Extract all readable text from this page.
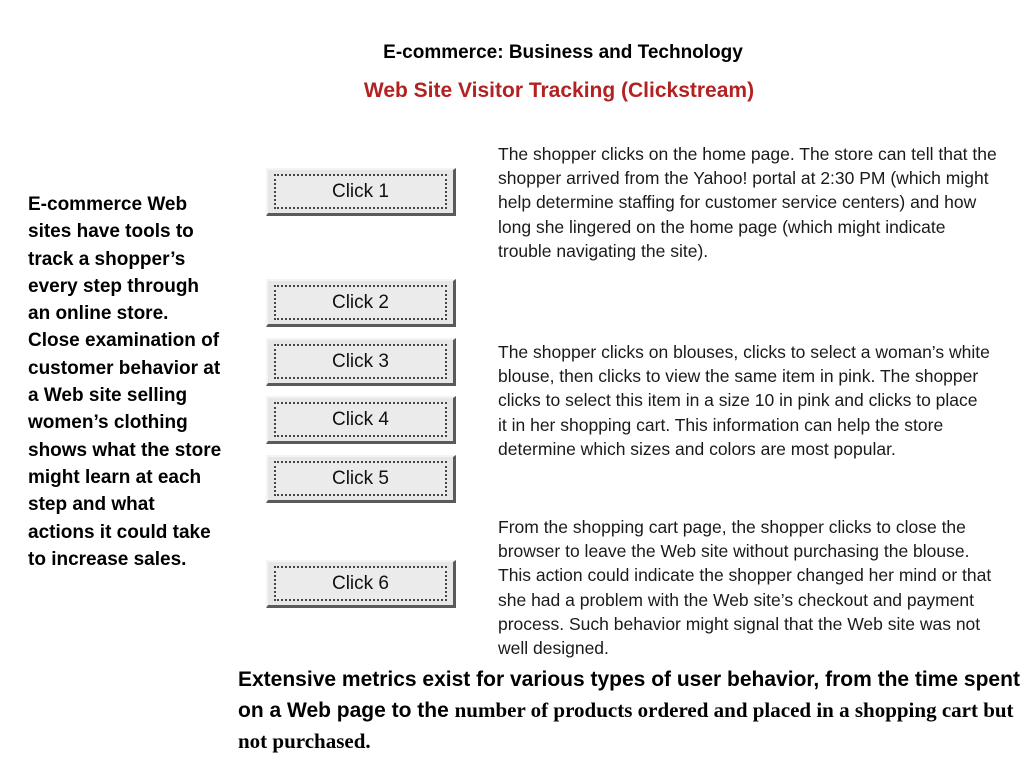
E-commerce: Business and Technology
Web Site Visitor Tracking (Clickstream)
E-commerce Web sites have tools to track a shopper’s every step through an online store. Close examination of customer behavior at a Web site selling women’s clothing shows what the store might learn at each step and what actions it could take to increase sales.
Click 1
Click 2
Click 3
Click 4
Click 5
Click 6
The shopper clicks on the home page. The store can tell that the
shopper arrived from the Yahoo! portal at 2:30 PM (which might
help determine staffing for customer service centers) and how
long she lingered on the home page (which might indicate
trouble navigating the site).
The shopper clicks on blouses, clicks to select a woman’s white
blouse, then clicks to view the same item in pink. The shopper
clicks to select this item in a size 10 in pink and clicks to place
it in her shopping cart. This information can help the store
determine which sizes and colors are most popular.
From the shopping cart page, the shopper clicks to close the
browser to leave the Web site without purchasing the blouse.
This action could indicate the shopper changed her mind or that
she had a problem with the Web site’s checkout and payment
process. Such behavior might signal that the Web site was not
well designed.
Extensive metrics exist for various types of user behavior, from the time spent on a Web page to the number of products ordered and placed in a shopping cart but not purchased.
